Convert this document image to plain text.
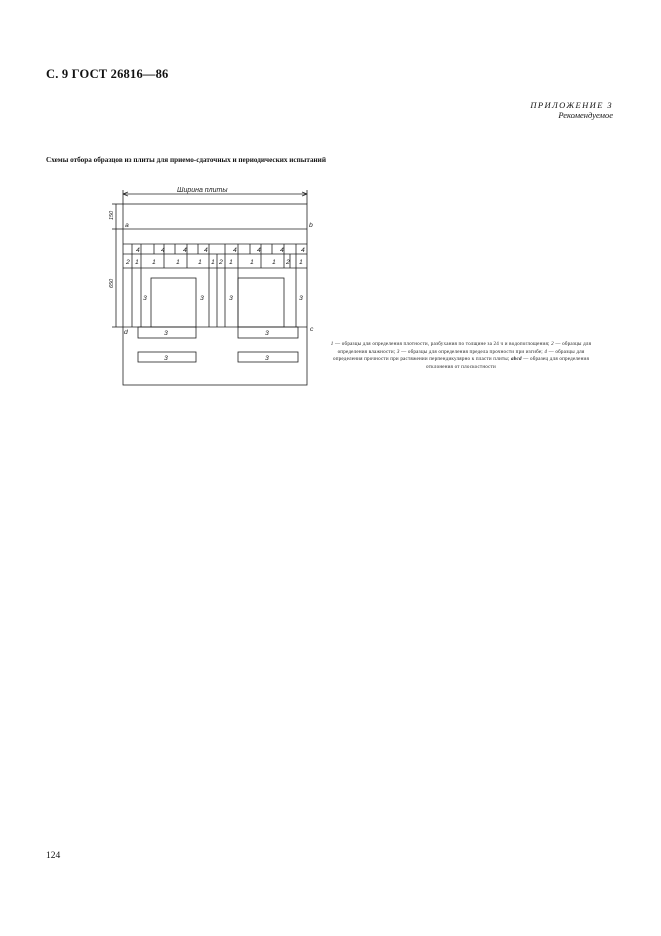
С. 9 ГОСТ 26816—86
ПРИЛОЖЕНИЕ 3
Рекомендуемое
Схемы отбора образцов из плиты для приемо-сдаточных и периодических испытаний
Ширина плиты
150
650
a	b
c
d
4	4	4	4	4	4	4	4
2 1 1	1	1 1 2 1	1	1 2 1
3	3	3	3
3	3
3	3
1 — образцы для определения плотности, разбухания по толщине за 24 ч и водопоглощения; 2 — образцы для определения влажности; 3 — образцы для определения предела прочности при изгибе; 4 — образцы для определения прочности при растяжении перпендикулярно к пласти плиты; abcd — образец для определения отклонения от плоскостности
124
